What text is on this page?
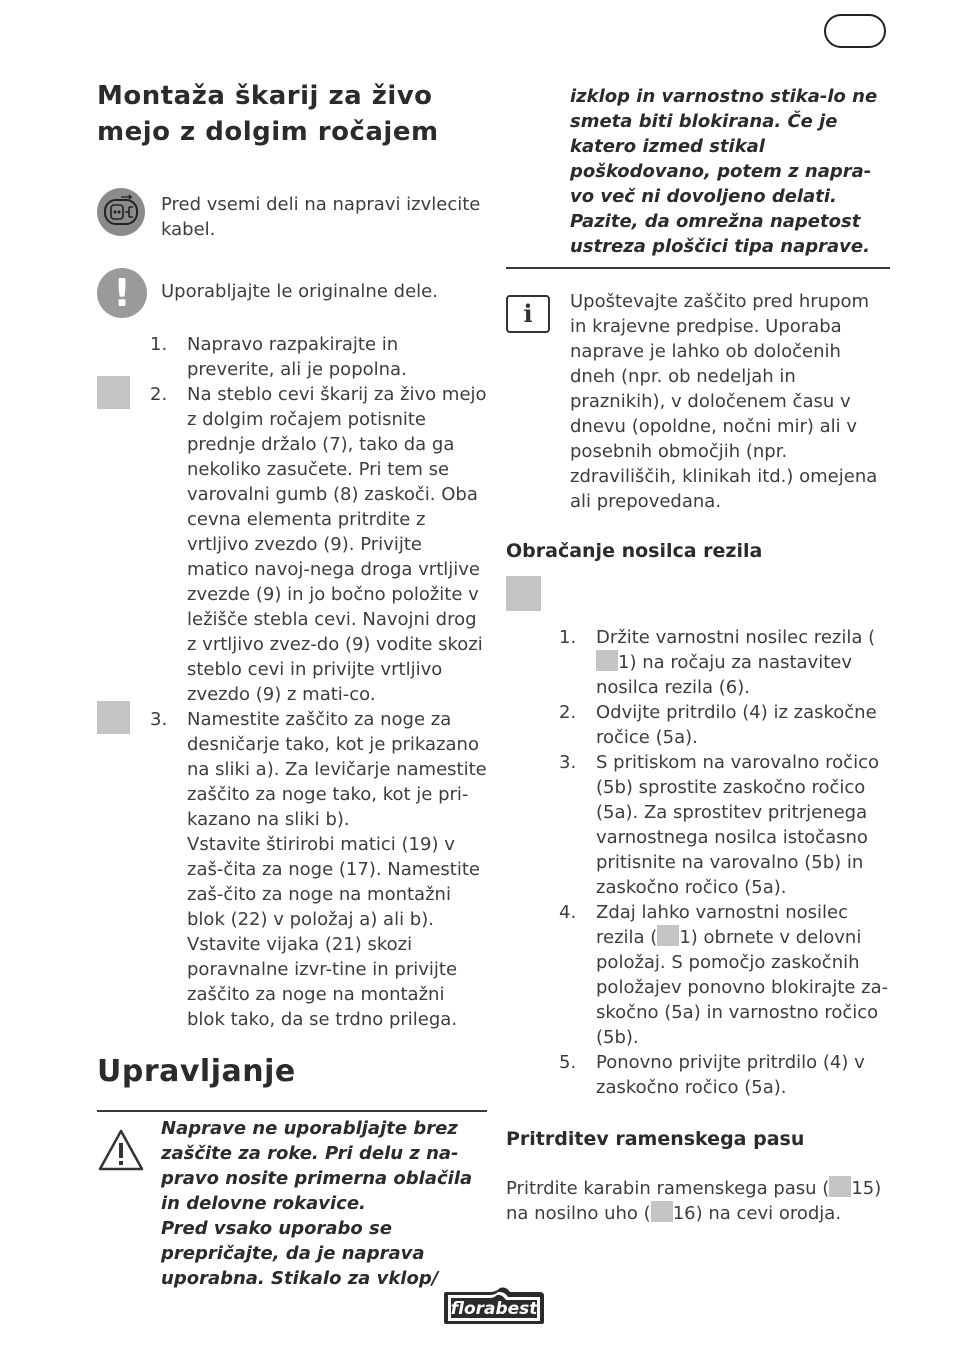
Montaža škarij za živo
mejo z dolgim ročajem
Pred vsemi deli na napravi izvlecite kabel.
!	Uporabljajte le originalne dele.
1. Napravo razpakirajte in preverite, ali je popolna.
2. Na steblo cevi škarij za živo mejo z dolgim ročajem potisnite prednje držalo (7), tako da ga nekoliko zasučete. Pri tem se varovalni gumb (8) zaskoči. Oba cevna elementa pritrdite z vrtljivo zvezdo (9). Privijte matico navoj-nega droga vrtljive zvezde (9) in jo bočno položite v ležišče stebla cevi. Navojni drog z vrtljivo zvez-do (9) vodite skozi steblo cevi in privijte vrtljivo zvezdo (9) z mati-co.
3. Namestite zaščito za noge za desničarje tako, kot je prikazano na sliki a). Za levičarje namestite zaščito za noge tako, kot je pri-kazano na sliki b).
Vstavite štirirobi matici (19) v zaš-čita za noge (17). Namestite zaš-čito za noge na montažni blok (22) v položaj a) ali b). Vstavite vijaka (21) skozi poravnalne izvr-tine in privijte zaščito za noge na montažni blok tako, da se trdno prilega.
Upravljanje
Naprave ne uporabljajte brez zaščite za roke. Pri delu z na-pravo nosite primerna oblačila in delovne rokavice.
Pred vsako uporabo se prepričajte, da je naprava uporabna. Stikalo za vklop/
izklop in varnostno stika-lo ne smeta biti blokirana. Če je katero izmed stikal poškodovano, potem z napra-vo več ni dovoljeno delati. Pazite, da omrežna napetost ustreza ploščici tipa naprave.
i	Upoštevajte zaščito pred hrupom in krajevne predpise. Uporaba naprave je lahko ob določenih dneh (npr. ob nedeljah in praznikih), v določenem času v dnevu (opoldne, nočni mir) ali v posebnih območjih (npr. zdraviliščih, klinikah itd.) omejena ali prepovedana.
Obračanje nosilca rezila
1. Držite varnostni nosilec rezila (1) na ročaju za nastavitev nosilca rezila (6).
2. Odvijte pritrdilo (4) iz zaskočne ročice (5a).
3. S pritiskom na varovalno ročico (5b) sprostite zaskočno ročico (5a). Za sprostitev pritrjenega varnostnega nosilca istočasno pritisnite na varovalno (5b) in zaskočno ročico (5a).
4. Zdaj lahko varnostni nosilec rezila ( 1) obrnete v delovni položaj. S pomočjo zaskočnih položajev ponovno blokirajte za-skočno (5a) in varnostno ročico (5b).
5. Ponovno privijte pritrdilo (4) v zaskočno ročico (5a).
Pritrditev ramenskega pasu
Pritrdite karabin ramenskega pasu ( 15) na nosilno uho ( 16) na cevi orodja.
florabest
